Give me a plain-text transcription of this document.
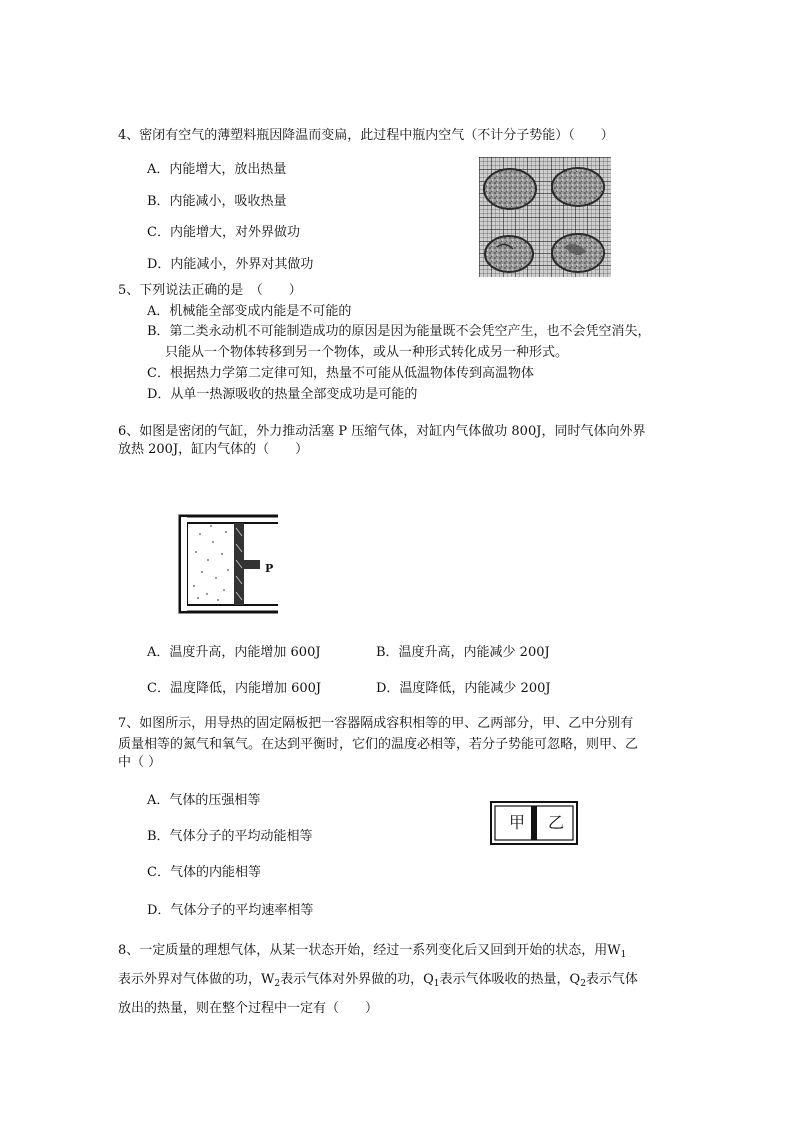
4、密闭有空气的薄塑料瓶因降温而变扁，此过程中瓶内空气（不计分子势能）（　　）
A．内能增大，放出热量
B．内能减小，吸收热量
C．内能增大，对外界做功
D．内能减小，外界对其做功
5、下列说法正确的是　（　　）
A．机械能全部变成内能是不可能的
B．第二类永动机不可能制造成功的原因是因为能量既不会凭空产生，也不会凭空消失，
只能从一个物体转移到另一个物体，或从一种形式转化成另一种形式。
C．根据热力学第二定律可知，热量不可能从低温物体传到高温物体
D．从单一热源吸收的热量全部变成功是可能的
6、如图是密闭的气缸，外力推动活塞 P 压缩气体，对缸内气体做功 800J，同时气体向外界
放热 200J，缸内气体的（　　）
P
A．温度升高，内能增加 600J	B．温度升高，内能减少 200J
C．温度降低，内能增加 600J	D．温度降低，内能减少 200J
7、如图所示，用导热的固定隔板把一容器隔成容积相等的甲、乙两部分，甲、乙中分别有
质量相等的氮气和氧气。在达到平衡时，它们的温度必相等，若分子势能可忽略，则甲、乙
中（ ）
A．气体的压强相等
B．气体分子的平均动能相等
C．气体的内能相等
D．气体分子的平均速率相等
甲 乙
8、一定质量的理想气体，从某一状态开始，经过一系列变化后又回到开始的状态，用$W_1$
表示外界对气体做的功，$W_2$表示气体对外界做的功，$Q_1$表示气体吸收的热量，$Q_2$表示气体
放出的热量，则在整个过程中一定有（　　）
